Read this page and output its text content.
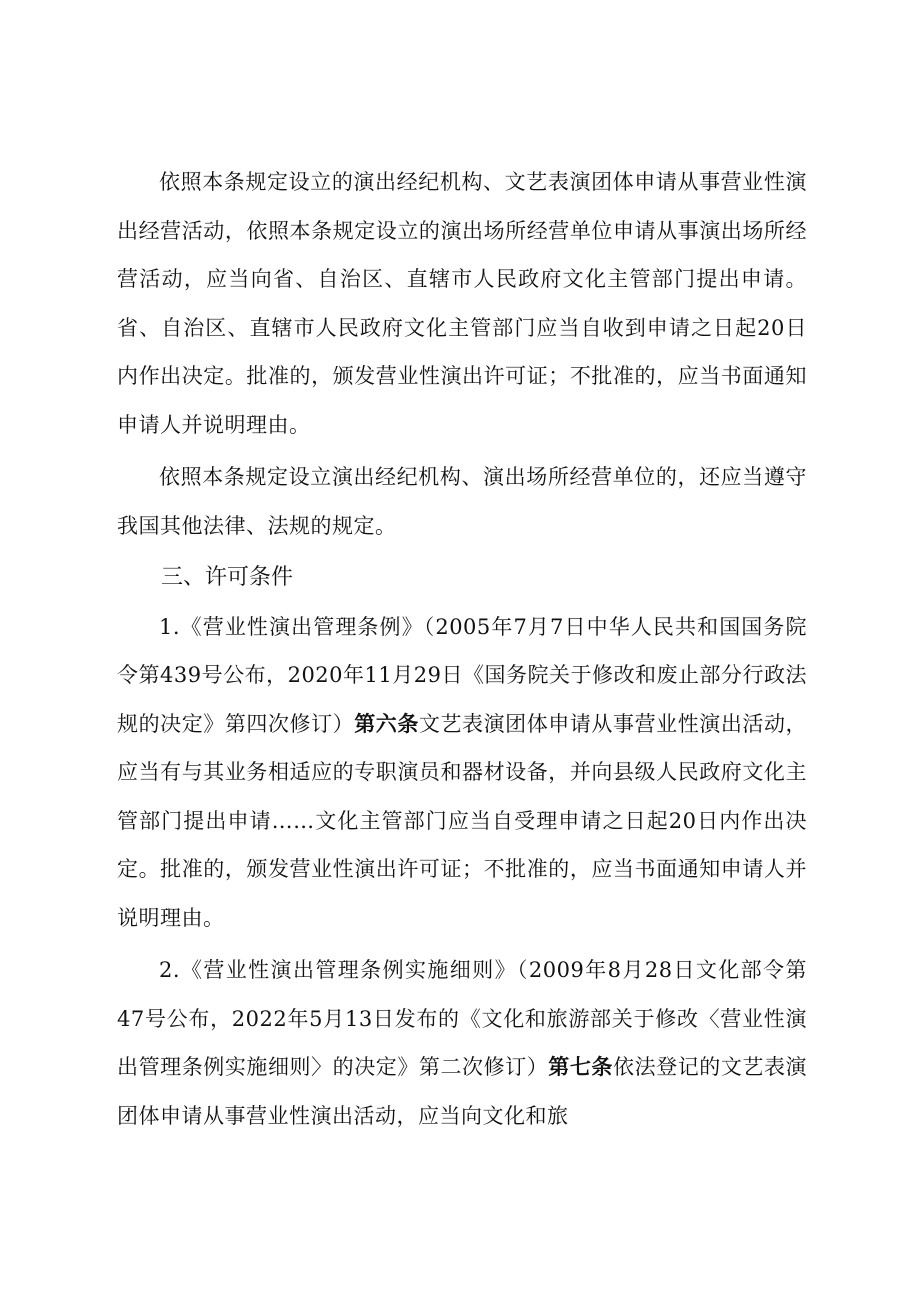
依照本条规定设立的演出经纪机构、文艺表演团体申请从事营业性演出经营活动，依照本条规定设立的演出场所经营单位申请从事演出场所经营活动，应当向省、自治区、直辖市人民政府文化主管部门提出申请。省、自治区、直辖市人民政府文化主管部门应当自收到申请之日起20日内作出决定。批准的，颁发营业性演出许可证；不批准的，应当书面通知申请人并说明理由。

依照本条规定设立演出经纪机构、演出场所经营单位的，还应当遵守我国其他法律、法规的规定。

三、许可条件

1.《营业性演出管理条例》（2005年7月7日中华人民共和国国务院令第439号公布，2020年11月29日《国务院关于修改和废止部分行政法规的决定》第四次修订）第六条文艺表演团体申请从事营业性演出活动，应当有与其业务相适应的专职演员和器材设备，并向县级人民政府文化主管部门提出申请……文化主管部门应当自受理申请之日起20日内作出决定。批准的，颁发营业性演出许可证；不批准的，应当书面通知申请人并说明理由。

2.《营业性演出管理条例实施细则》（2009年8月28日文化部令第47号公布，2022年5月13日发布的《文化和旅游部关于修改〈营业性演出管理条例实施细则〉的决定》第二次修订）第七条依法登记的文艺表演团体申请从事营业性演出活动，应当向文化和旅
